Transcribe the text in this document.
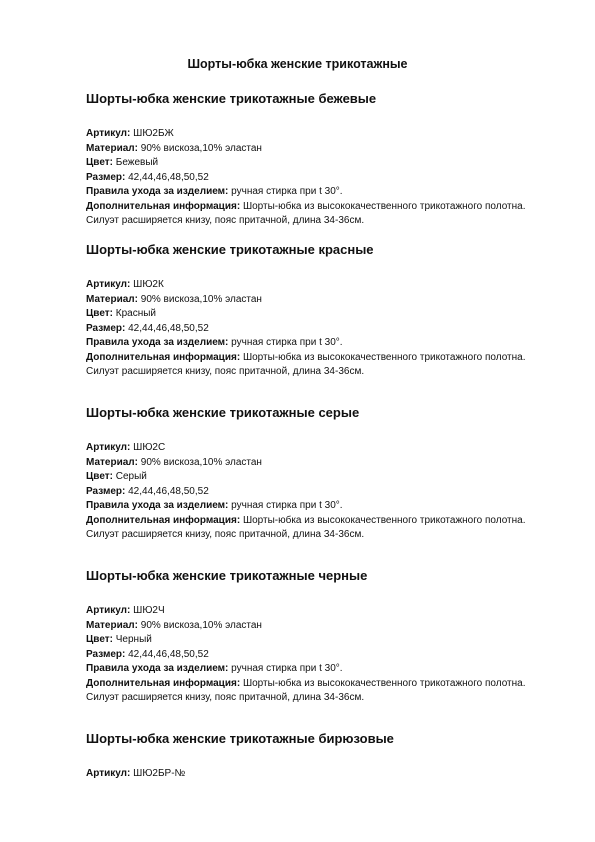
Шорты-юбка женские трикотажные
Шорты-юбка женские трикотажные бежевые
Артикул: ШЮ2БЖ
Материал: 90% вискоза,10% эластан
Цвет: Бежевый
Размер: 42,44,46,48,50,52
Правила ухода за изделием: ручная стирка при t 30°.
Дополнительная информация: Шорты-юбка из высококачественного трикотажного полотна. Силуэт расширяется книзу, пояс притачной, длина 34-36см.
Шорты-юбка женские трикотажные красные
Артикул: ШЮ2К
Материал: 90% вискоза,10% эластан
Цвет: Красный
Размер: 42,44,46,48,50,52
Правила ухода за изделием: ручная стирка при t 30°.
Дополнительная информация: Шорты-юбка из высококачественного трикотажного полотна. Силуэт расширяется книзу, пояс притачной, длина 34-36см.
Шорты-юбка женские трикотажные серые
Артикул: ШЮ2С
Материал: 90% вискоза,10% эластан
Цвет: Серый
Размер: 42,44,46,48,50,52
Правила ухода за изделием: ручная стирка при t 30°.
Дополнительная информация: Шорты-юбка из высококачественного трикотажного полотна. Силуэт расширяется книзу, пояс притачной, длина 34-36см.
Шорты-юбка женские трикотажные черные
Артикул: ШЮ2Ч
Материал: 90% вискоза,10% эластан
Цвет: Черный
Размер: 42,44,46,48,50,52
Правила ухода за изделием: ручная стирка при t 30°.
Дополнительная информация: Шорты-юбка из высококачественного трикотажного полотна. Силуэт расширяется книзу, пояс притачной, длина 34-36см.
Шорты-юбка женские трикотажные бирюзовые
Артикул: ШЮ2БР-№
